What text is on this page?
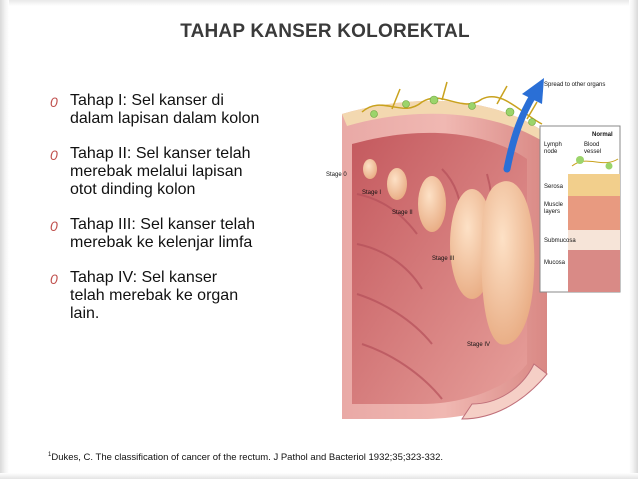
TAHAP KANSER KOLOREKTAL
0 Tahap I: Sel kanser di
dalam lapisan dalam kolon
0 Tahap II: Sel kanser telah
merebak melalui lapisan
otot dinding kolon
0 Tahap III: Sel kanser telah
merebak ke kelenjar limfa
0 Tahap IV: Sel kanser
telah merebak ke organ
lain.
Spread to other organs
Normal
Lymph node
Blood vessel
Serosa
Muscle layers
Submucosa
Mucosa
Stage 0
Stage I
Stage II
Stage III
Stage IV
$^1$Dukes, C. The classification of cancer of the rectum. J Pathol and Bacteriol 1932;35;323-332.
